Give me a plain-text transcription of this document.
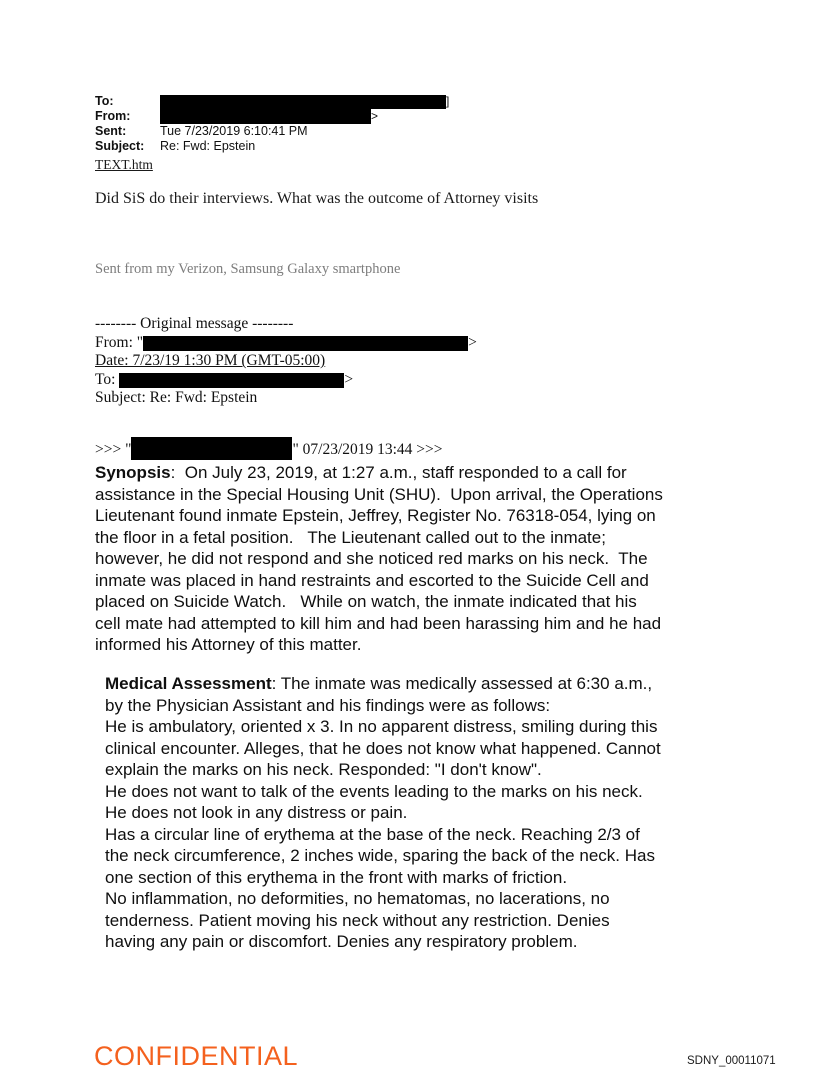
To:	]
From:	>
Sent:	Tue 7/23/2019 6:10:41 PM
Subject:	Re: Fwd: Epstein
TEXT.htm
Did SiS do their interviews. What was the outcome of Attorney visits
Sent from my Verizon, Samsung Galaxy smartphone
-------- Original message --------
From: "	>
Date: 7/23/19 1:30 PM (GMT-05:00)
To:	>
Subject: Re: Fwd: Epstein
>>> "	" 07/23/2019 13:44 >>>
Synopsis:  On July 23, 2019, at 1:27 a.m., staff responded to a call for
assistance in the Special Housing Unit (SHU).  Upon arrival, the Operations
Lieutenant found inmate Epstein, Jeffrey, Register No. 76318-054, lying on
the floor in a fetal position.   The Lieutenant called out to the inmate;
however, he did not respond and she noticed red marks on his neck.  The
inmate was placed in hand restraints and escorted to the Suicide Cell and
placed on Suicide Watch.   While on watch, the inmate indicated that his
cell mate had attempted to kill him and had been harassing him and he had
informed his Attorney of this matter.
Medical Assessment: The inmate was medically assessed at 6:30 a.m.,
by the Physician Assistant and his findings were as follows:
He is ambulatory, oriented x 3. In no apparent distress, smiling during this
clinical encounter. Alleges, that he does not know what happened. Cannot
explain the marks on his neck. Responded: "I don't know".
He does not want to talk of the events leading to the marks on his neck.
He does not look in any distress or pain.
Has a circular line of erythema at the base of the neck. Reaching 2/3 of
the neck circumference, 2 inches wide, sparing the back of the neck. Has
one section of this erythema in the front with marks of friction.
No inflammation, no deformities, no hematomas, no lacerations, no
tenderness. Patient moving his neck without any restriction. Denies
having any pain or discomfort. Denies any respiratory problem.
CONFIDENTIAL	SDNY_00011071
